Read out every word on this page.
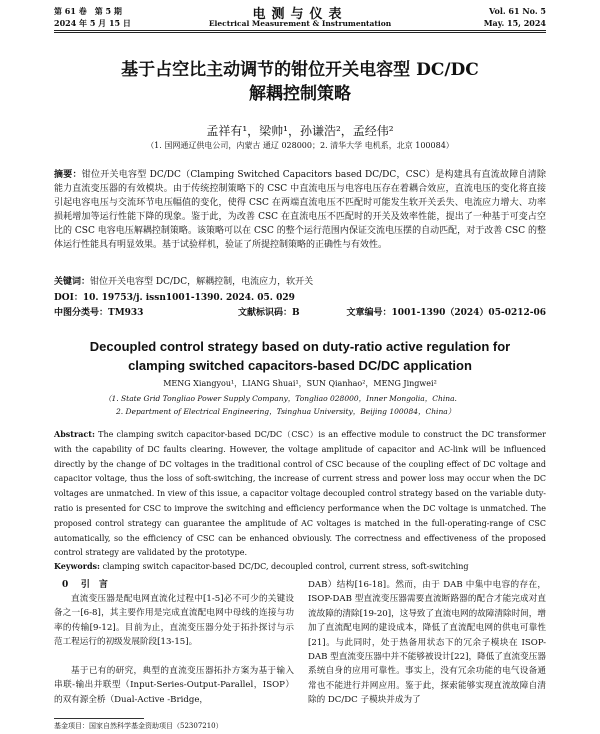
第 61 卷　第 5 期
2024 年 5 月 15 日
电测与仪表
Electrical Measurement & Instrumentation
Vol. 61 No. 5
May. 15, 2024
基于占空比主动调节的钳位开关电容型 DC/DC
解耦控制策略
孟祥有¹，梁帅¹，孙谦浩²，孟经伟²
（1. 国网通辽供电公司，内蒙古 通辽 028000；2. 清华大学 电机系，北京 100084）
摘要：钳位开关电容型 DC/DC（Clamping Switched Capacitors based DC/DC，CSC）是构建具有直流故障自清除能力直流变压器的有效模块。由于传统控制策略下的 CSC 中直流电压与电容电压存在着耦合效应，直流电压的变化将直接引起电容电压与交流环节电压幅值的变化，使得 CSC 在两端直流电压不匹配时可能发生软开关丢失、电流应力增大、功率损耗增加等运行性能下降的现象。鉴于此，为改善 CSC 在直流电压不匹配时的开关及效率性能，提出了一种基于可变占空比的 CSC 电容电压解耦控制策略。该策略可以在 CSC 的整个运行范围内保证交流电压摆的自动匹配，对于改善 CSC 的整体运行性能具有明显效果。基于试验样机，验证了所提控制策略的正确性与有效性。
关键词：钳位开关电容型 DC/DC，解耦控制，电流应力，软开关
DOI：10. 19753/j. issn1001-1390. 2024. 05. 029
中图分类号：TM933	文献标识码：B	文章编号：1001-1390（2024）05-0212-06
Decoupled control strategy based on duty-ratio active regulation for
clamping switched capacitors-based DC/DC application
MENG Xiangyou¹，LIANG Shuai¹，SUN Qianhao²，MENG Jingwei²
（1. State Grid Tongliao Power Supply Company，Tongliao 028000，Inner Mongolia，China.
2. Department of Electrical Engineering，Tsinghua University，Beijing 100084，China）
Abstract: The clamping switch capacitor-based DC/DC（CSC）is an effective module to construct the DC transformer with the capability of DC faults clearing. However, the voltage amplitude of capacitor and AC-link will be influenced directly by the change of DC voltages in the traditional control of CSC because of the coupling effect of DC voltage and capacitor voltage, thus the loss of soft-switching, the increase of current stress and power loss may occur when the DC voltages are unmatched. In view of this issue, a capacitor voltage decoupled control strategy based on the variable duty-ratio is presented for CSC to improve the switching and efficiency performance when the DC voltage is unmatched. The proposed control strategy can guarantee the amplitude of AC voltages is matched in the full-operating-range of CSC automatically, so the efficiency of CSC can be enhanced obviously. The correctness and effectiveness of the proposed control strategy are validated by the prototype.
Keywords: clamping switch capacitor-based DC/DC, decoupled control, current stress, soft-switching
0 引　言
直流变压器是配电网直流化过程中[1-5]必不可少的关键设备之一[6-8]，其主要作用是完成直流配电网中母线的连接与功率的传输[9-12]。目前为止，直流变压器分处于拓扑探讨与示范工程运行的初级发展阶段[13-15]。
基于已有的研究，典型的直流变压器拓扑方案为基于输入串联-输出并联型（Input-Series-Output-Parallel，ISOP）的双有源全桥（Dual-Active -Bridge，
DAB）结构[16-18]。然而，由于 DAB 中集中电容的存在，ISOP-DAB 型直流变压器需要直流断路器的配合才能完成对直流故障的清除[19-20]，这导致了直流电网的故障清除时间，增加了直流配电网的建设成本，降低了直流配电网的供电可靠性[21]。与此同时，处于热备用状态下的冗余子模块在 ISOP-DAB 型直流变压器中并不能够被设计[22]，降低了直流变压器系统自身的应用可靠性。事实上，没有冗余功能的电气设备通常也不能进行并网应用。鉴于此，探索能够实现直流故障自清除的 DC/DC 子模块并成为了
基金项目：国家自然科学基金资助项目（52307210）
